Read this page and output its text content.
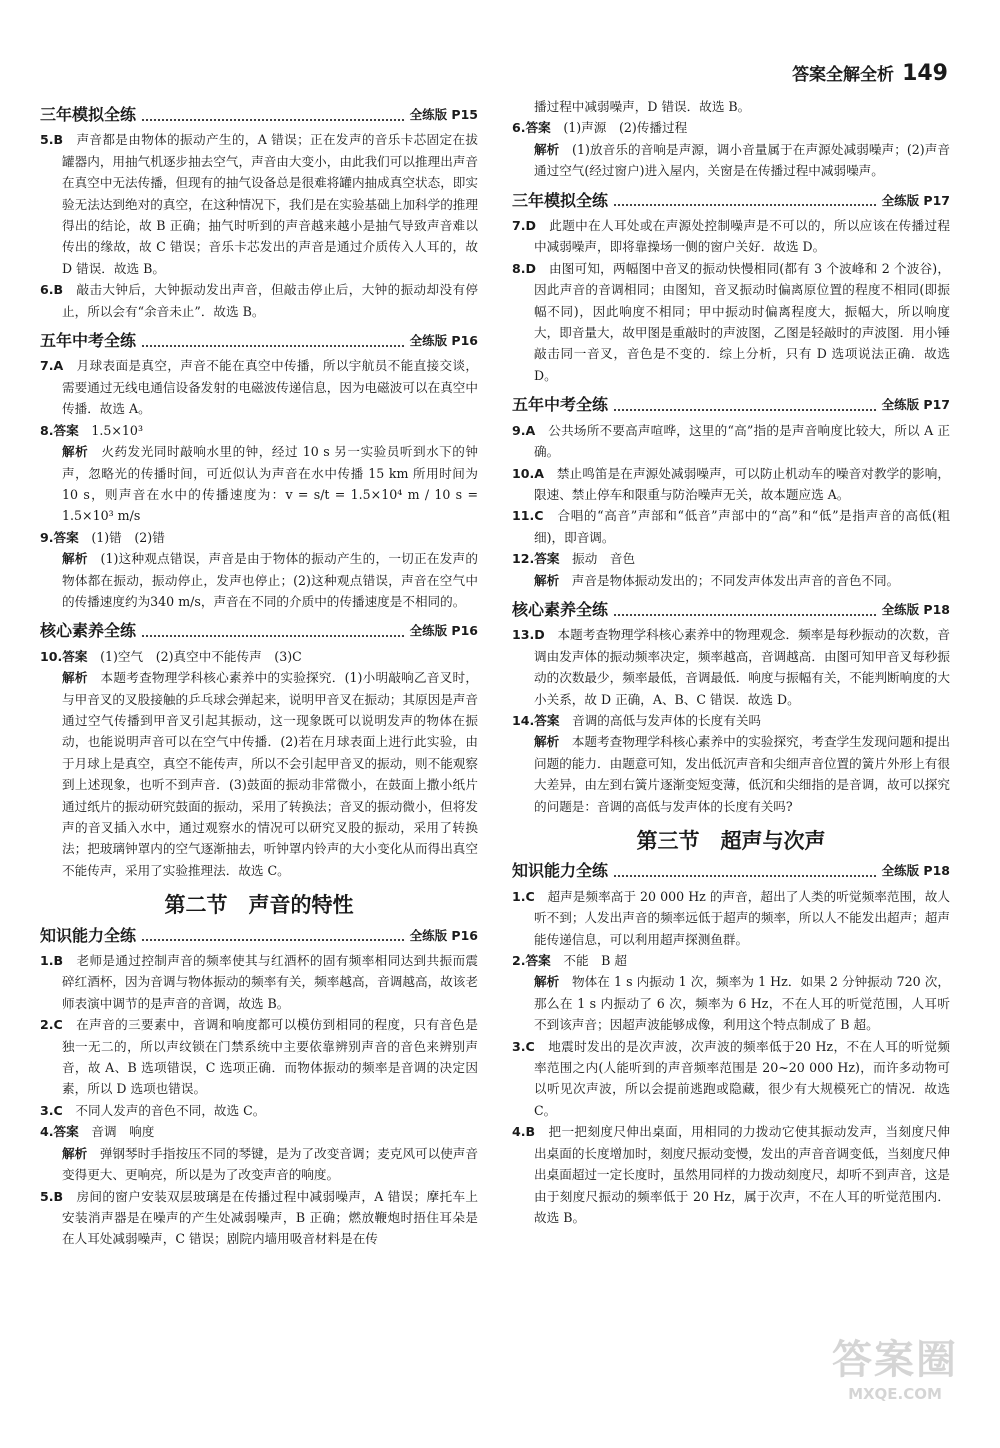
答案全解全析 149
三年模拟全练	全练版 P15

5.B　 声音都是由物体的振动产生的，A 错误；正在发声的音乐卡芯固定在拔罐器内，用抽气机逐步抽去空气，声音由大变小，由此我们可以推理出声音在真空中无法传播，但现有的抽气设备总是很难将罐内抽成真空状态，即实验无法达到绝对的真空，在这种情况下，我们是在实验基础上加科学的推理得出的结论，故 B 正确；抽气时听到的声音越来越小是抽气导致声音难以传出的缘故，故 C 错误；音乐卡芯发出的声音是通过介质传入人耳的，故 D 错误．故选 B。

6.B　 敲击大钟后，大钟振动发出声音，但敲击停止后，大钟的振动却没有停止，所以会有“余音未止”．故选 B。

五年中考全练	全练版 P16

7.A　 月球表面是真空，声音不能在真空中传播，所以宇航员不能直接交谈，需要通过无线电通信设备发射的电磁波传递信息，因为电磁波可以在真空中传播．故选 A。

8.答案　 1.5×10³

解析　 火药发光同时敲响水里的钟，经过 10 s 另一实验员听到水下的钟声，忽略光的传播时间，可近似认为声音在水中传播 15 km 所用时间为 10 s，则声音在水中的传播速度为：v = s/t = 1.5×10⁴ m / 10 s = 1.5×10³ m/s

9.答案　 (1)错　(2)错

解析　 (1)这种观点错误，声音是由于物体的振动产生的，一切正在发声的物体都在振动，振动停止，发声也停止；(2)这种观点错误，声音在空气中的传播速度约为340 m/s，声音在不同的介质中的传播速度是不相同的。

核心素养全练	全练版 P16

10.答案　 (1)空气　(2)真空中不能传声　(3)C

解析　 本题考查物理学科核心素养中的实验探究．(1)小明敲响乙音叉时，与甲音叉的叉股接触的乒乓球会弹起来，说明甲音叉在振动；其原因是声音通过空气传播到甲音叉引起其振动，这一现象既可以说明发声的物体在振动，也能说明声音可以在空气中传播．(2)若在月球表面上进行此实验，由于月球上是真空，真空不能传声，所以不会引起甲音叉的振动，则不能观察到上述现象，也听不到声音．(3)鼓面的振动非常微小，在鼓面上撒小纸片通过纸片的振动研究鼓面的振动，采用了转换法；音叉的振动微小，但将发声的音叉插入水中，通过观察水的情况可以研究叉股的振动，采用了转换法；把玻璃钟罩内的空气逐渐抽去，听钟罩内铃声的大小变化从而得出真空不能传声，采用了实验推理法．故选 C。

第二节　声音的特性
知识能力全练	全练版 P16

1.B　 老师是通过控制声音的频率使其与红酒杯的固有频率相同达到共振而震碎红酒杯，因为音调与物体振动的频率有关，频率越高，音调越高，故该老师表演中调节的是声音的音调，故选 B。

2.C　 在声音的三要素中，音调和响度都可以模仿到相同的程度，只有音色是独一无二的，所以声纹锁在门禁系统中主要依靠辨别声音的音色来辨别声音，故 A、B 选项错误，C 选项正确．而物体振动的频率是音调的决定因素，所以 D 选项也错误。

3.C　 不同人发声的音色不同，故选 C。

4.答案　 音调　响度

解析　 弹钢琴时手指按压不同的琴键，是为了改变音调；麦克风可以使声音变得更大、更响亮，所以是为了改变声音的响度。

5.B　 房间的窗户安装双层玻璃是在传播过程中减弱噪声，A 错误；摩托车上安装消声器是在噪声的产生处减弱噪声，B 正确；燃放鞭炮时捂住耳朵是在人耳处减弱噪声，C 错误；剧院内墙用吸音材料是在传

播过程中减弱噪声，D 错误．故选 B。

6.答案　 (1)声源　(2)传播过程

解析　 (1)放音乐的音响是声源，调小音量属于在声源处减弱噪声；(2)声音通过空气(经过窗户)进入屋内，关窗是在传播过程中减弱噪声。

三年模拟全练	全练版 P17

7.D　 此题中在人耳处或在声源处控制噪声是不可以的，所以应该在传播过程中减弱噪声，即将靠操场一侧的窗户关好．故选 D。

8.D　 由图可知，两幅图中音叉的振动快慢相同(都有 3 个波峰和 2 个波谷)，因此声音的音调相同；由图知，音叉振动时偏离原位置的程度不相同(即振幅不同)，因此响度不相同；甲中振动时偏离程度大，振幅大，所以响度大，即音量大，故甲图是重敲时的声波图，乙图是轻敲时的声波图．用小锤敲击同一音叉，音色是不变的．综上分析，只有 D 选项说法正确．故选 D。

五年中考全练	全练版 P17

9.A　 公共场所不要高声喧哗，这里的“高”指的是声音响度比较大，所以 A 正确。

10.A　 禁止鸣笛是在声源处减弱噪声，可以防止机动车的噪音对教学的影响，限速、禁止停车和限重与防治噪声无关，故本题应选 A。

11.C　 合唱的“高音”声部和“低音”声部中的“高”和“低”是指声音的高低(粗细)，即音调。

12.答案　 振动　音色

解析　 声音是物体振动发出的；不同发声体发出声音的音色不同。

核心素养全练	全练版 P18

13.D　 本题考查物理学科核心素养中的物理观念．频率是每秒振动的次数，音调由发声体的振动频率决定，频率越高，音调越高．由图可知甲音叉每秒振动的次数最少，频率最低，音调最低．响度与振幅有关，不能判断响度的大小关系，故 D 正确，A、B、C 错误．故选 D。

14.答案　 音调的高低与发声体的长度有关吗

解析　 本题考查物理学科核心素养中的实验探究，考查学生发现问题和提出问题的能力．由题意可知，发出低沉声音和尖细声音位置的簧片外形上有很大差异，由左到右簧片逐渐变短变薄，低沉和尖细指的是音调，故可以探究的问题是：音调的高低与发声体的长度有关吗?

第三节　超声与次声
知识能力全练	全练版 P18

1.C　 超声是频率高于 20 000 Hz 的声音，超出了人类的听觉频率范围，故人听不到；人发出声音的频率远低于超声的频率，所以人不能发出超声；超声能传递信息，可以利用超声探测鱼群。

2.答案　 不能　B 超

解析　 物体在 1 s 内振动 1 次，频率为 1 Hz．如果 2 分钟振动 720 次，那么在 1 s 内振动了 6 次，频率为 6 Hz，不在人耳的听觉范围，人耳听不到该声音；因超声波能够成像，利用这个特点制成了 B 超。

3.C　 地震时发出的是次声波，次声波的频率低于20 Hz，不在人耳的听觉频率范围之内(人能听到的声音频率范围是 20~20 000 Hz)，而许多动物可以听见次声波，所以会提前逃跑或隐藏，很少有大规模死亡的情况．故选 C。

4.B　 把一把刻度尺伸出桌面，用相同的力拨动它使其振动发声，当刻度尺伸出桌面的长度增加时，刻度尺振动变慢，发出的声音音调变低，当刻度尺伸出桌面超过一定长度时，虽然用同样的力拨动刻度尺，却听不到声音，这是由于刻度尺振动的频率低于 20 Hz，属于次声，不在人耳的听觉范围内．故选 B。

答案圈
MXQE.COM
